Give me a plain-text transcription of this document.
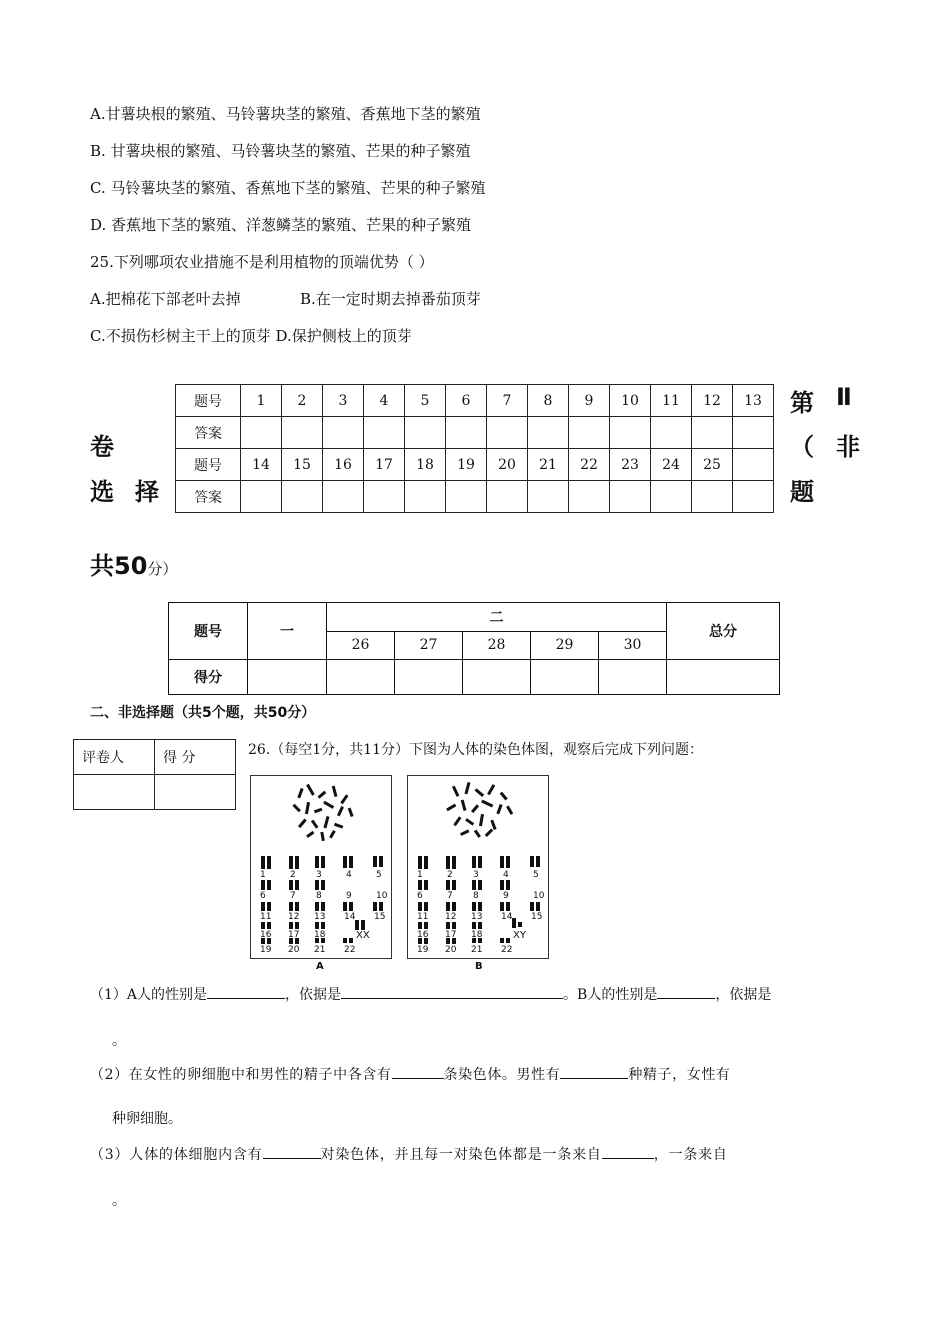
A.甘薯块根的繁殖、马铃薯块茎的繁殖、香蕉地下茎的繁殖
B. 甘薯块根的繁殖、马铃薯块茎的繁殖、芒果的种子繁殖
C. 马铃薯块茎的繁殖、香蕉地下茎的繁殖、芒果的种子繁殖
D. 香蕉地下茎的繁殖、洋葱鳞茎的繁殖、芒果的种子繁殖
25.下列哪项农业措施不是利用植物的顶端优势（ ）
A.把棉花下部老叶去掉	B.在一定时期去掉番茄顶芽
C.不损伤杉树主干上的顶芽 D.保护侧枝上的顶芽
题号	1	2	3	4	5	6	7	8	9	10	11	12	13
答案													
题号	14	15	16	17	18	19	20	21	22	23	24	25	
答案													
第 Ⅱ
卷	（ 非
选 择	题
共50分）
题号	一	二					总分
		26	27	28	29	30	
得分							
二、非选择题（共5个题，共50分）
评卷人	得 分
		26.（每空1分，共11分）下图为人体的染色体图，观察后完成下列问题：
1	2 3	4	5
6	7 8	9	10
11 12 13 14 15
16 17 18	XX
19 20 21 22
A
1	2 3	4	5
6	7 8	9	10
11 12 13 14 15
16 17 18	XY
19 20 21 22
B
（1）A人的性别是	，依据是	。B人的性别是	，依据是
。
（2）在女性的卵细胞中和男性的精子中各含有	条染色体。男性有	种精子，女性有
种卵细胞。
（3）人体的体细胞内含有	对染色体，并且每一对染色体都是一条来自	，一条来自
。
